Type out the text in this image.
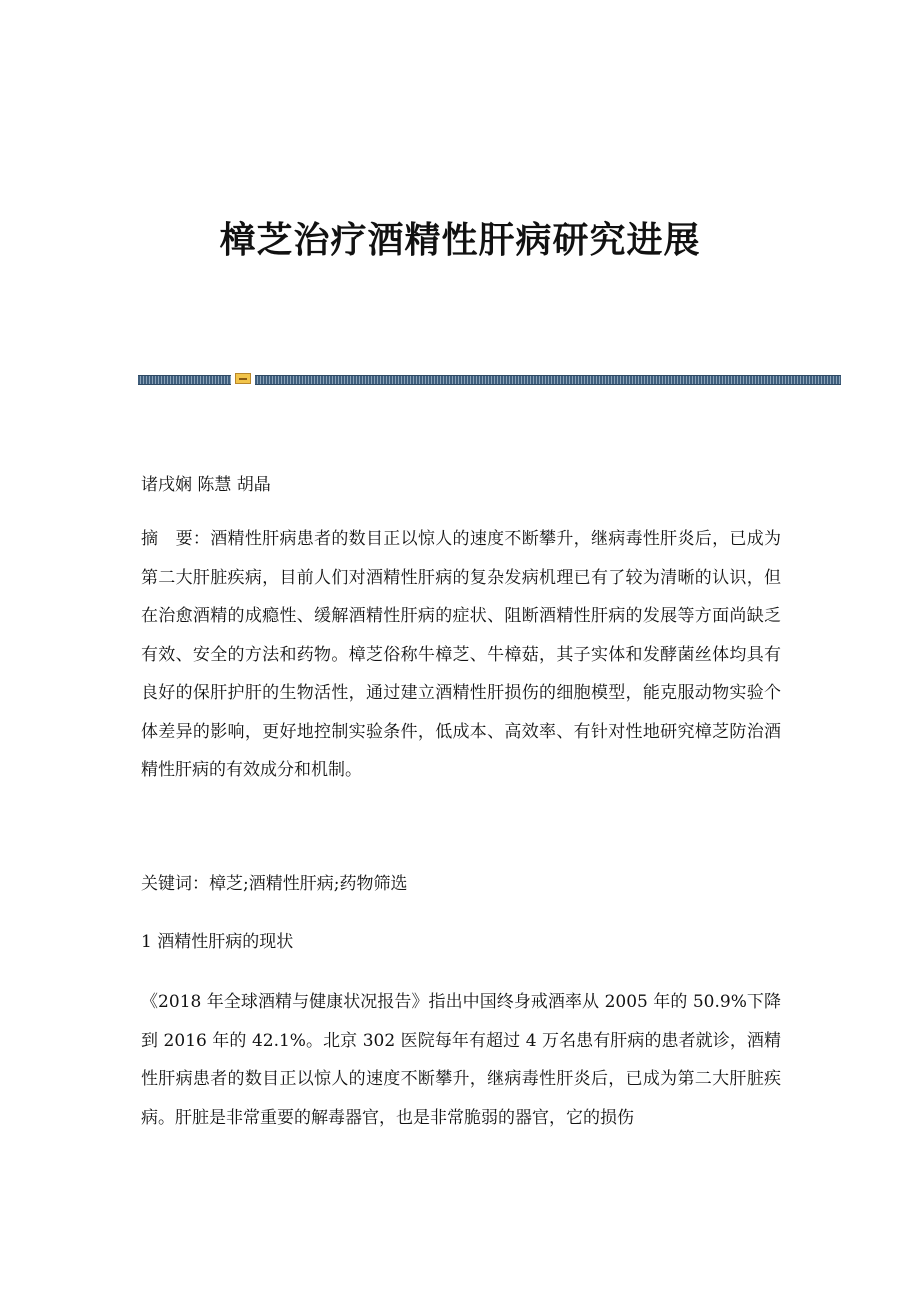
樟芝治疗酒精性肝病研究进展

诸戌娴 陈慧 胡晶

摘　要：酒精性肝病患者的数目正以惊人的速度不断攀升，继病毒性肝炎后，已成为第二大肝脏疾病，目前人们对酒精性肝病的复杂发病机理已有了较为清晰的认识，但在治愈酒精的成瘾性、缓解酒精性肝病的症状、阻断酒精性肝病的发展等方面尚缺乏有效、安全的方法和药物。樟芝俗称牛樟芝、牛樟菇，其子实体和发酵菌丝体均具有良好的保肝护肝的生物活性，通过建立酒精性肝损伤的细胞模型，能克服动物实验个体差异的影响，更好地控制实验条件，低成本、高效率、有针对性地研究樟芝防治酒精性肝病的有效成分和机制。

关键词：樟芝;酒精性肝病;药物筛选

1 酒精性肝病的现状

《2018 年全球酒精与健康状况报告》指出中国终身戒酒率从 2005 年的 50.9%下降到 2016 年的 42.1%。北京 302 医院每年有超过 4 万名患有肝病的患者就诊，酒精性肝病患者的数目正以惊人的速度不断攀升，继病毒性肝炎后，已成为第二大肝脏疾病。肝脏是非常重要的解毒器官，也是非常脆弱的器官，它的损伤
